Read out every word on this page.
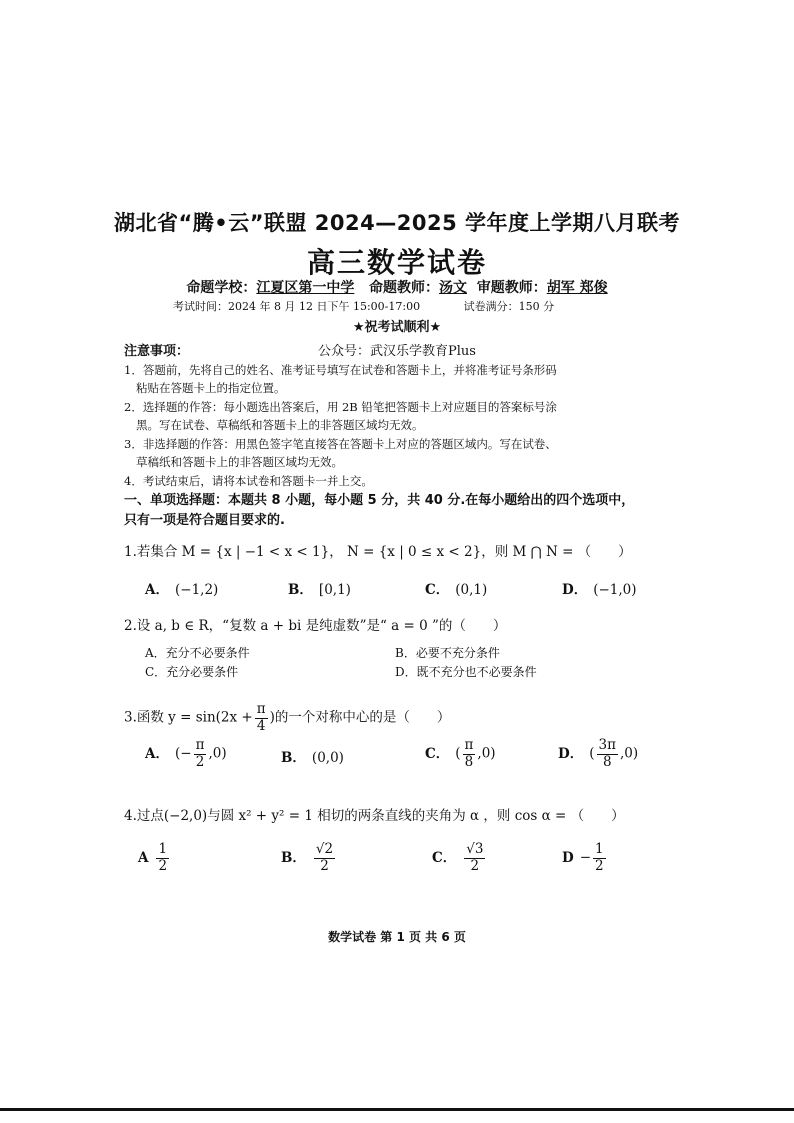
湖北省“腾•云”联盟 2024—2025 学年度上学期八月联考
高三数学试卷
命题学校：江夏区第一中学 命题教师：汤文 审题教师：胡军 郑俊
考试时间：2024 年 8 月 12 日下午 15:00-17:00	试卷满分：150 分
★祝考试顺利★
注意事项：	公众号：武汉乐学教育Plus
1．答题前，先将自己的姓名、准考证号填写在试卷和答题卡上，并将准考证号条形码
粘贴在答题卡上的指定位置。
2．选择题的作答：每小题选出答案后，用 2B 铅笔把答题卡上对应题目的答案标号涂
黑。写在试卷、草稿纸和答题卡上的非答题区域均无效。
3．非选择题的作答：用黑色签字笔直接答在答题卡上对应的答题区域内。写在试卷、
草稿纸和答题卡上的非答题区域均无效。
4．考试结束后，请将本试卷和答题卡一并上交。
一、单项选择题：本题共 8 小题，每小题 5 分，共 40 分.在每小题给出的四个选项中，
只有一项是符合题目要求的.
1.若集合 M = {x | −1 < x < 1}， N = {x | 0 ≤ x < 2}，则 M ⋂ N = （　　）
A． (−1,2)	B． [0,1)	C． (0,1)	D． (−1,0)
2.设 a, b ∈ R，“复数 a + bi 是纯虚数”是“ a = 0 ”的（　　）
A．充分不必要条件	B．必要不充分条件
C．充分必要条件	D．既不充分也不必要条件
3.函数 $y = \sin(2x + \frac{\pi}{4}$ )的一个对称中心的是（　　）
A． (− $\frac{\pi}{2} ,0$)	B． (0,0)	C． ( $\frac{\pi}{8} ,0$)	D． ( $\frac{3\pi}{8} ,0$)
4.过点(−2,0)与圆 x² + y² = 1 相切的两条直线的夹角为 α ，则 cos α = （　　）
A $\frac{1}{2}$	B． $\frac{√2}{2}$	C． $\frac{√3}{2}$	$D - \frac{1}{2}$
数学试卷 第 1 页 共 6 页
